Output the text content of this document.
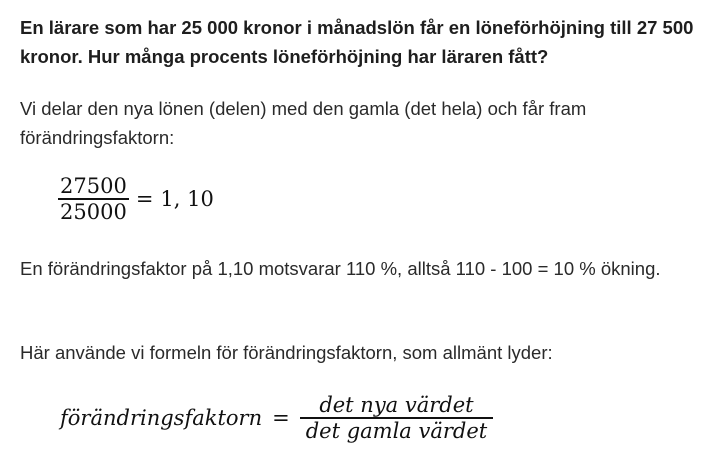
En lärare som har 25 000 kronor i månadslön får en löneförhöjning till 27 500 kronor. Hur många procents löneförhöjning har läraren fått?

Vi delar den nya lönen (delen) med den gamla (det hela) och får fram förändringsfaktorn:

$\frac{27500}{25000} = 1$, 10

En förändringsfaktor på 1,10 motsvarar 110 %, alltså 110 - 100 = 10 % ökning.

Här använde vi formeln för förändringsfaktorn, som allmänt lyder:

förändringsfaktorn = $\frac{\text{det nya värdet}}{\text{det gamla värdet}}$
